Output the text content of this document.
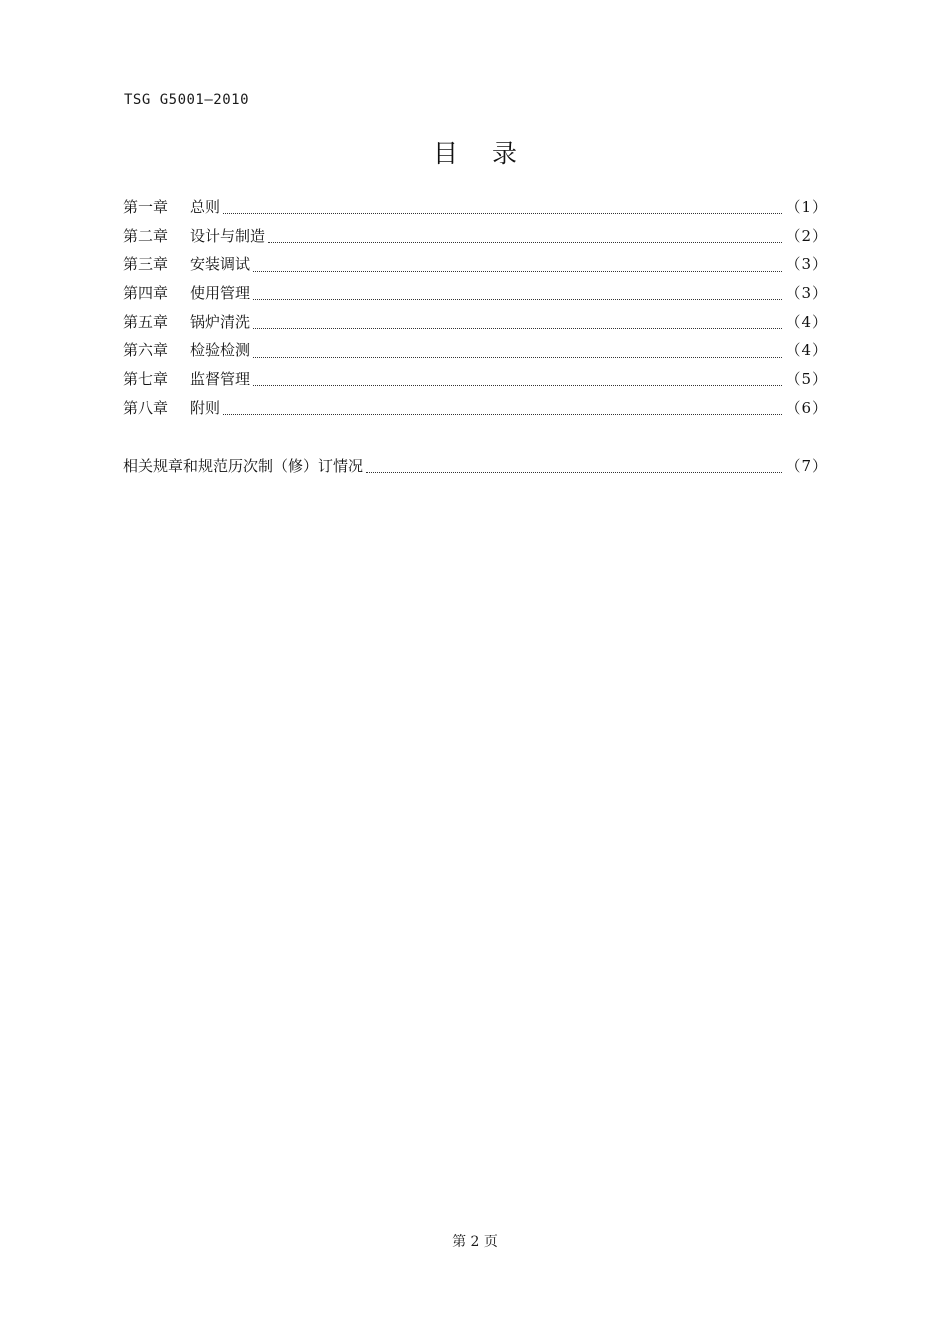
TSG G5001—2010
目录
第一章	总则	（1）
第二章	设计与制造	（2）
第三章	安装调试	（3）
第四章	使用管理	（3）
第五章	锅炉清洗	（4）
第六章	检验检测	（4）
第七章	监督管理	（5）
第八章	附则	（6）
相关规章和规范历次制（修）订情况	（7）
第 2 页
